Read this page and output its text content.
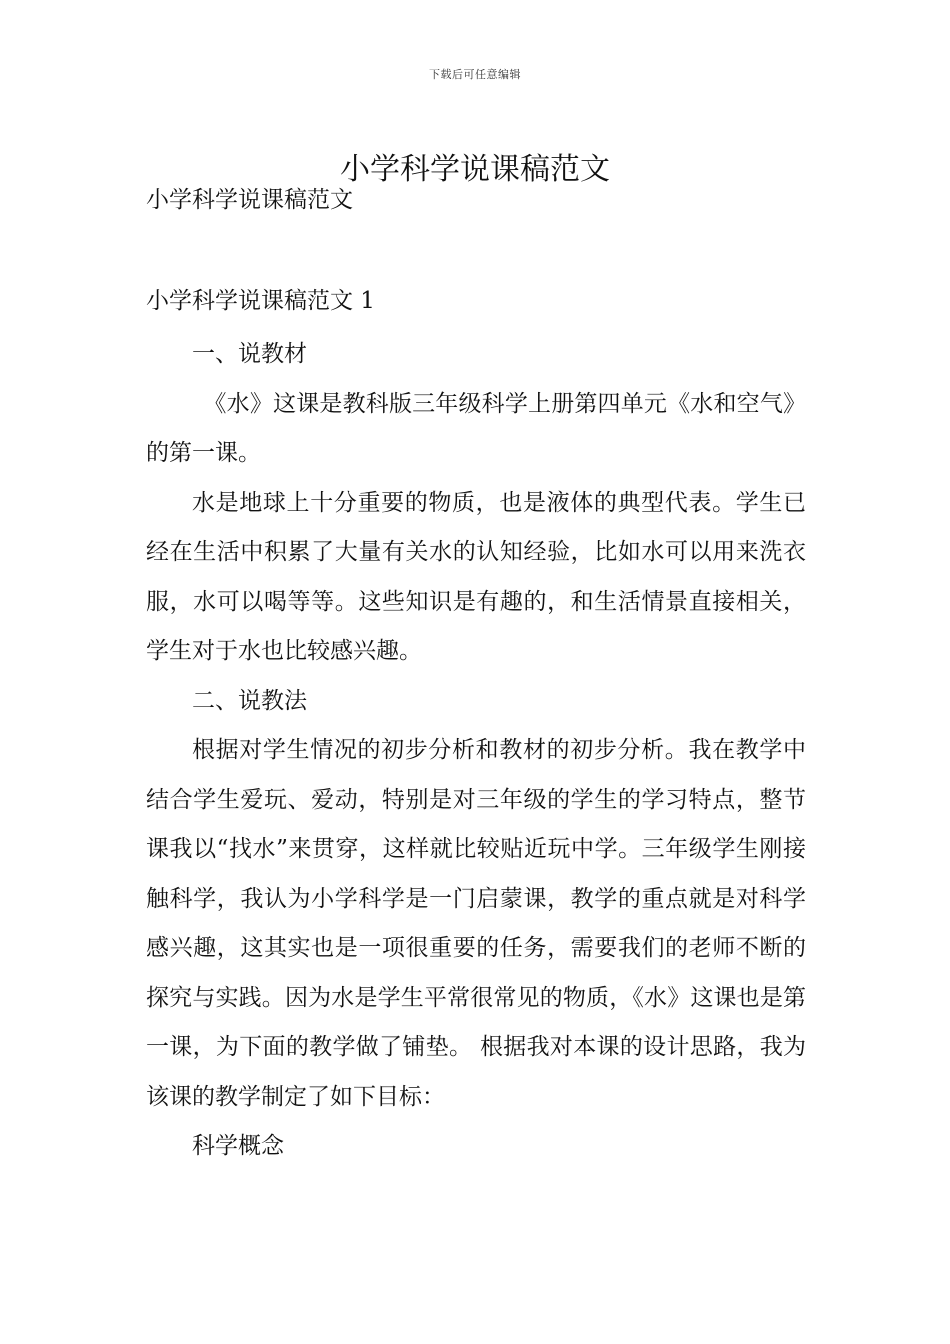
下载后可任意编辑
小学科学说课稿范文
小学科学说课稿范文
小学科学说课稿范文 1

一、说教材

《水》这课是教科版三年级科学上册第四单元《水和空气》的第一课。

水是地球上十分重要的物质，也是液体的典型代表。学生已经在生活中积累了大量有关水的认知经验，比如水可以用来洗衣服，水可以喝等等。这些知识是有趣的，和生活情景直接相关，学生对于水也比较感兴趣。

二、说教法

根据对学生情况的初步分析和教材的初步分析。我在教学中结合学生爱玩、爱动，特别是对三年级的学生的学习特点，整节课我以“找水”来贯穿，这样就比较贴近玩中学。三年级学生刚接触科学，我认为小学科学是一门启蒙课，教学的重点就是对科学感兴趣，这其实也是一项很重要的任务，需要我们的老师不断的探究与实践。因为水是学生平常很常见的物质，《水》这课也是第一课，为下面的教学做了铺垫。 根据我对本课的设计思路，我为该课的教学制定了如下目标：

科学概念
